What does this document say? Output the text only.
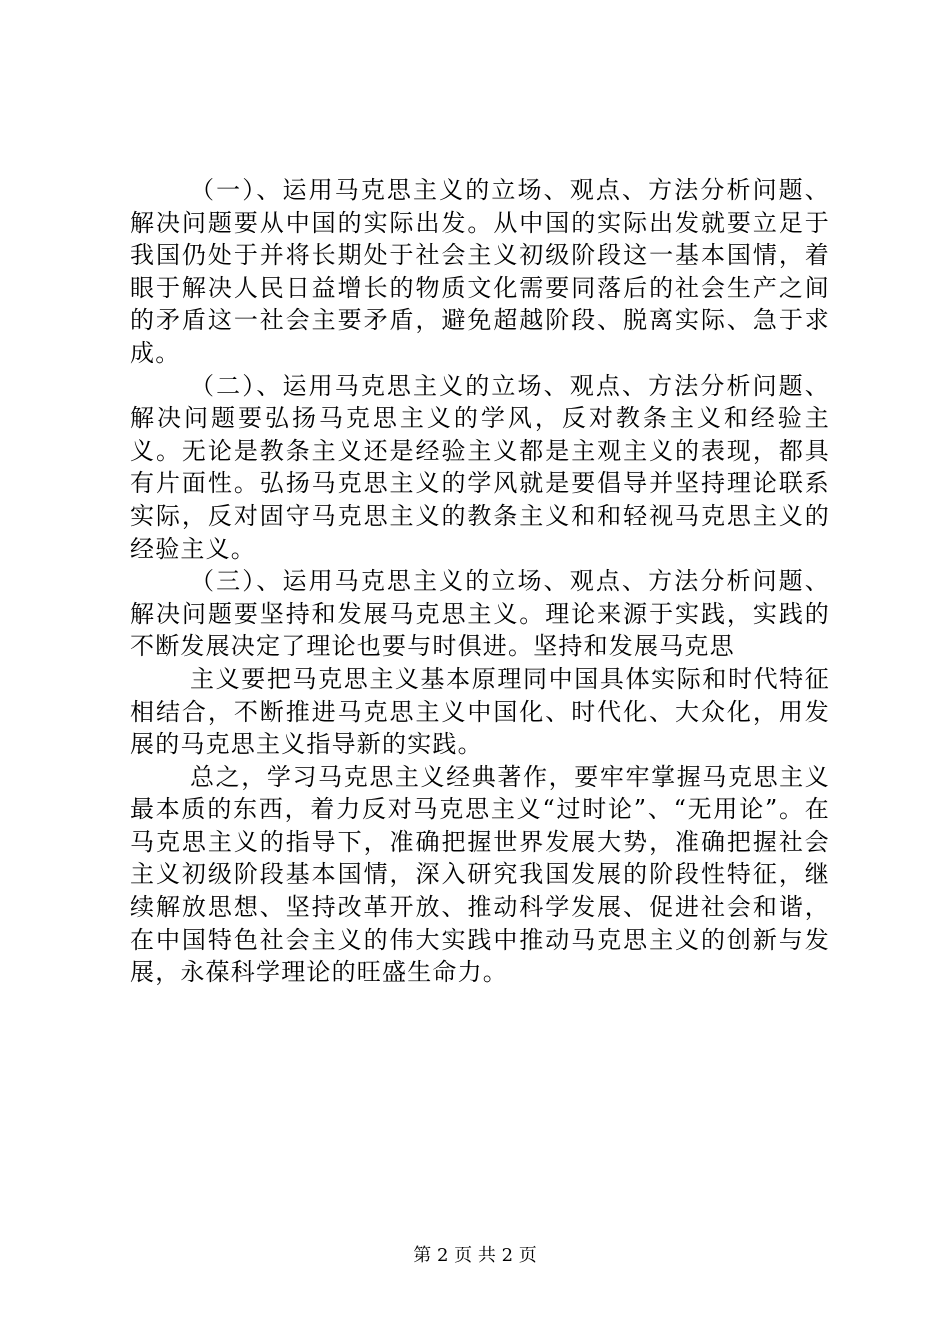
（一）、运用马克思主义的立场、观点、方法分析问题、解决问题要从中国的实际出发。从中国的实际出发就要立足于我国仍处于并将长期处于社会主义初级阶段这一基本国情，着眼于解决人民日益增长的物质文化需要同落后的社会生产之间的矛盾这一社会主要矛盾，避免超越阶段、脱离实际、急于求成。

（二）、运用马克思主义的立场、观点、方法分析问题、解决问题要弘扬马克思主义的学风，反对教条主义和经验主义。无论是教条主义还是经验主义都是主观主义的表现，都具有片面性。弘扬马克思主义的学风就是要倡导并坚持理论联系实际，反对固守马克思主义的教条主义和和轻视马克思主义的经验主义。

（三）、运用马克思主义的立场、观点、方法分析问题、解决问题要坚持和发展马克思主义。理论来源于实践，实践的不断发展决定了理论也要与时俱进。坚持和发展马克思

主义要把马克思主义基本原理同中国具体实际和时代特征相结合，不断推进马克思主义中国化、时代化、大众化，用发展的马克思主义指导新的实践。

总之，学习马克思主义经典著作，要牢牢掌握马克思主义最本质的东西，着力反对马克思主义“过时论”、“无用论”。在马克思主义的指导下，准确把握世界发展大势，准确把握社会主义初级阶段基本国情，深入研究我国发展的阶段性特征，继续解放思想、坚持改革开放、推动科学发展、促进社会和谐，在中国特色社会主义的伟大实践中推动马克思主义的创新与发展，永葆科学理论的旺盛生命力。

第 2 页 共 2 页
